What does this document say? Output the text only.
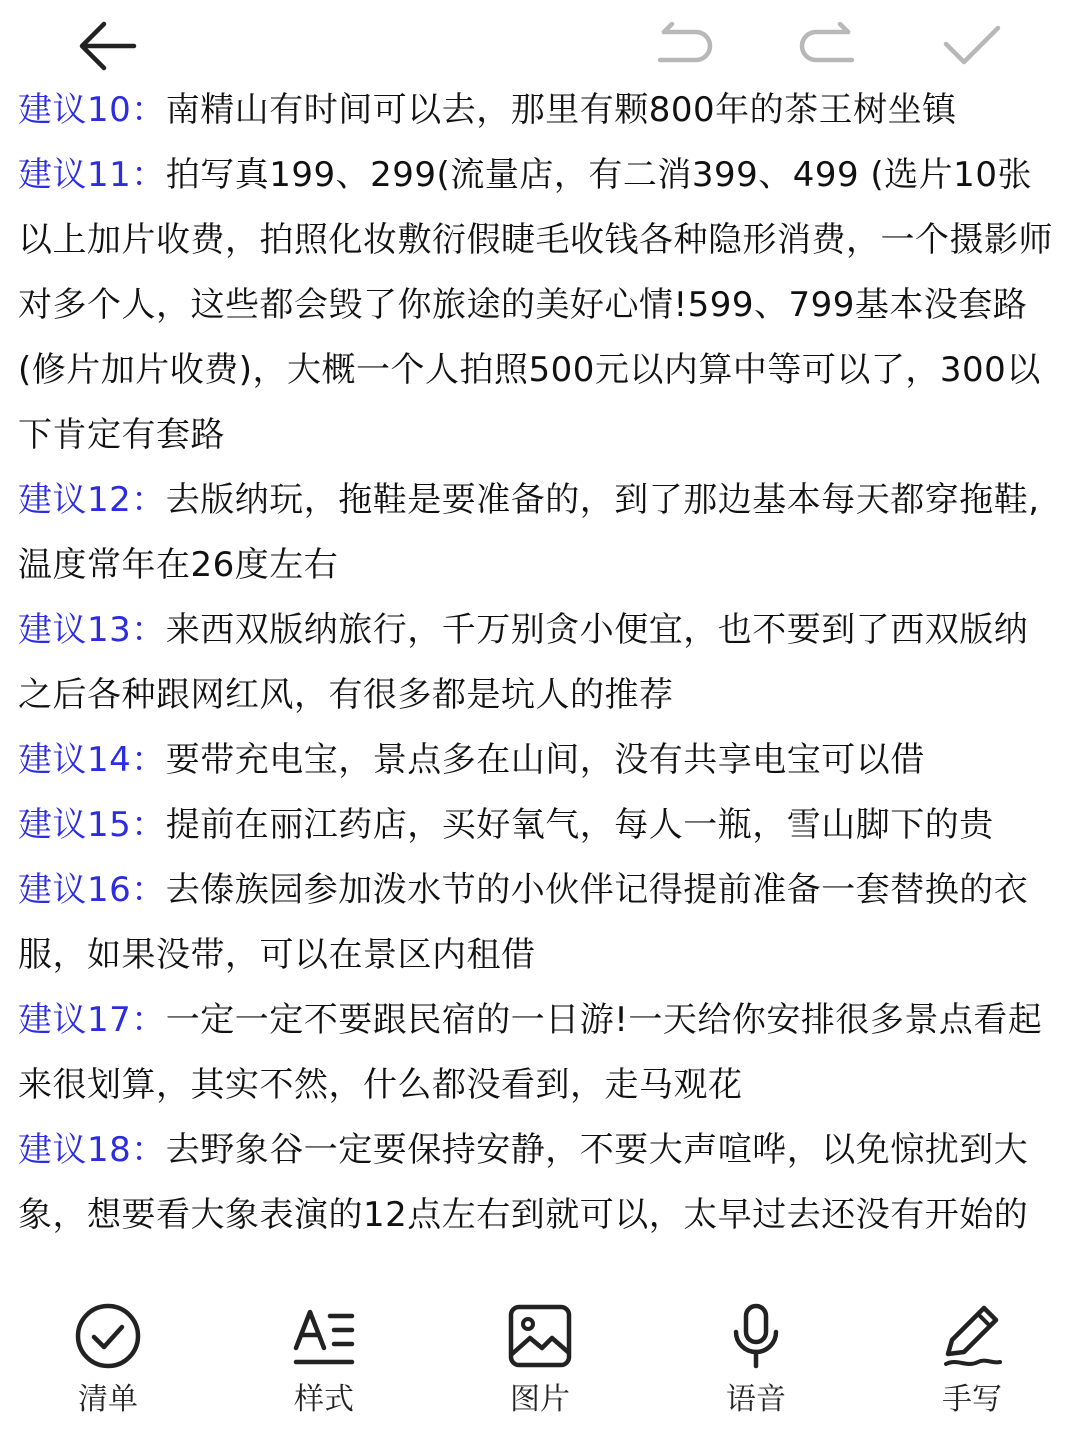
建议10：南精山有时间可以去，那里有颗800年的茶王树坐镇

建议11：拍写真199、299(流量店，有二消399、499 (选片10张以上加片收费，拍照化妆敷衍假睫毛收钱各种隐形消费，一个摄影师对多个人，这些都会毁了你旅途的美好心情!599、799基本没套路 (修片加片收费)，大概一个人拍照500元以内算中等可以了，300以下肯定有套路

建议12：去版纳玩，拖鞋是要准备的，到了那边基本每天都穿拖鞋,温度常年在26度左右

建议13：来西双版纳旅行，千万别贪小便宜，也不要到了西双版纳之后各种跟网红风，有很多都是坑人的推荐

建议14：要带充电宝，景点多在山间，没有共享电宝可以借

建议15：提前在丽江药店，买好氧气，每人一瓶，雪山脚下的贵

建议16：去傣族园参加泼水节的小伙伴记得提前准备一套替换的衣服，如果没带，可以在景区内租借

建议17：一定一定不要跟民宿的一日游!一天给你安排很多景点看起来很划算，其实不然，什么都没看到，走马观花

建议18：去野象谷一定要保持安静，不要大声喧哗，以免惊扰到大象，想要看大象表演的12点左右到就可以，太早过去还没有开始的

清单	样式	图片	语音	手写
